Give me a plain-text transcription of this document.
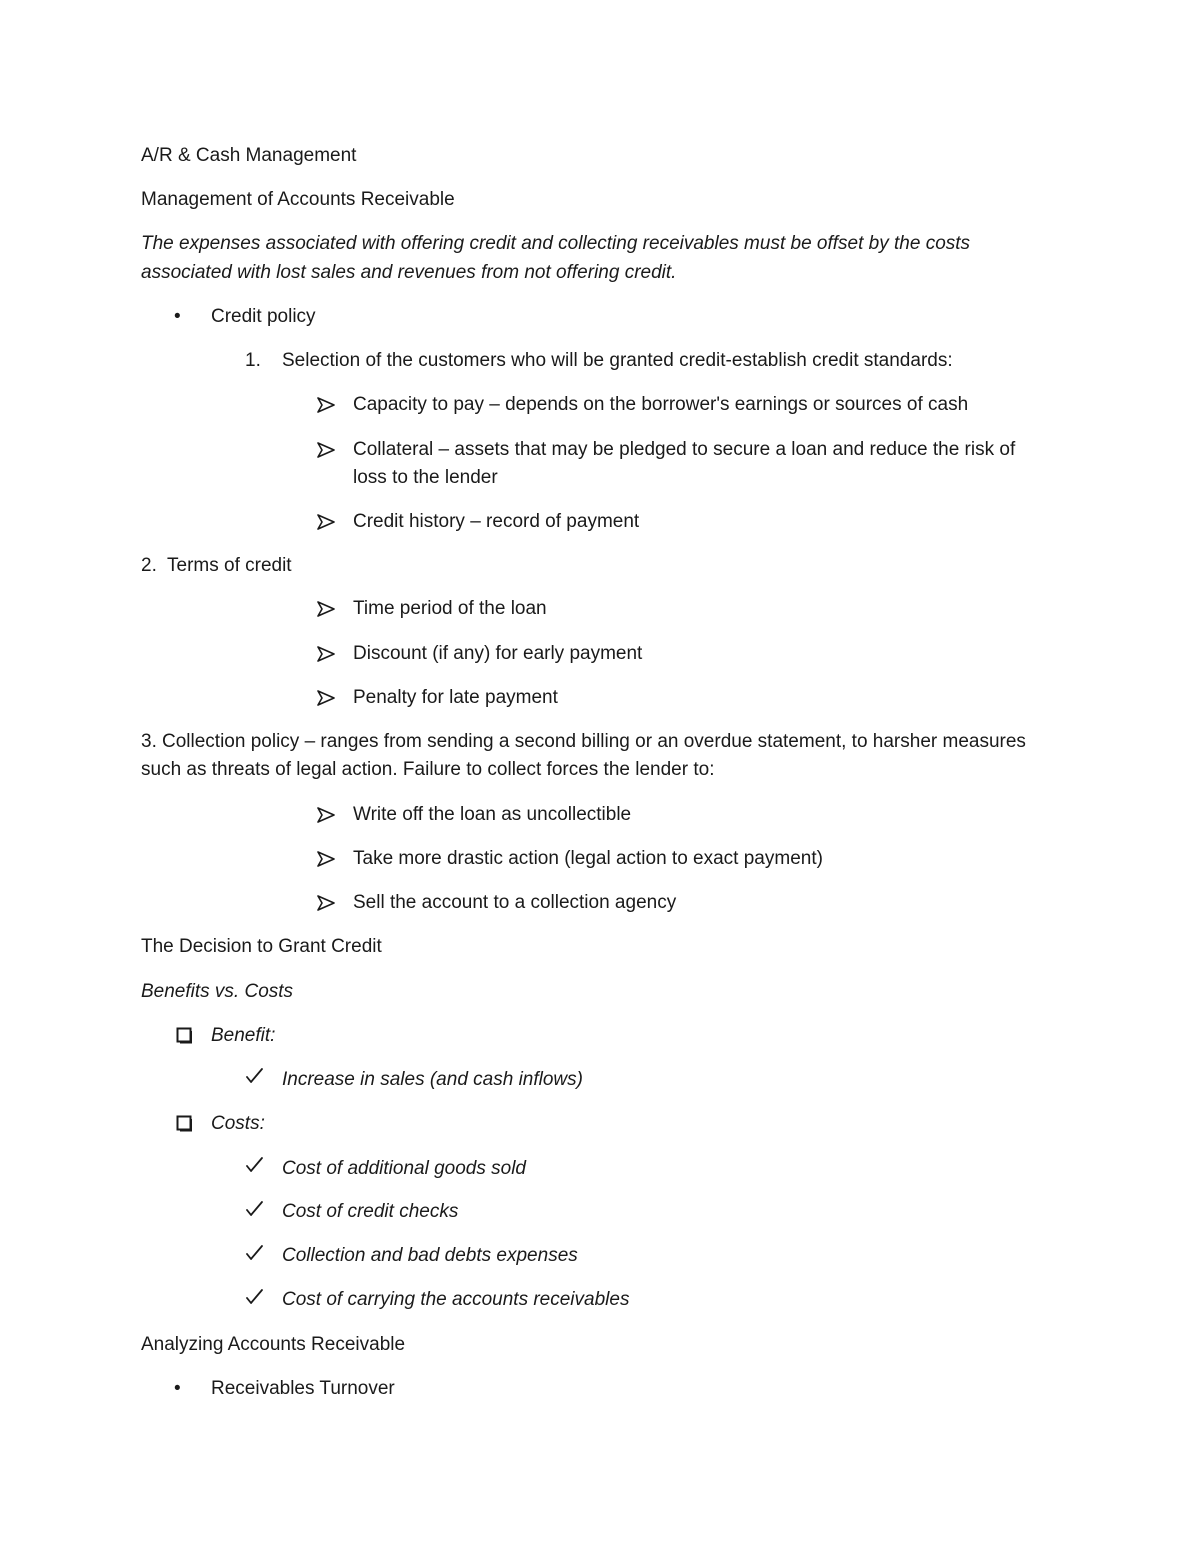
A/R & Cash Management
Management of Accounts Receivable
The expenses associated with offering credit and collecting receivables must be offset by the costs
associated with lost sales and revenues from not offering credit.
• Credit policy
1. Selection of the customers who will be granted credit-establish credit standards:
Capacity to pay – depends on the borrower's earnings or sources of cash
Collateral – assets that may be pledged to secure a loan and reduce the risk of
loss to the lender
Credit history – record of payment
2. Terms of credit
Time period of the loan
Discount (if any) for early payment
Penalty for late payment
3. Collection policy – ranges from sending a second billing or an overdue statement, to harsher measures
such as threats of legal action. Failure to collect forces the lender to:
Write off the loan as uncollectible
Take more drastic action (legal action to exact payment)
Sell the account to a collection agency
The Decision to Grant Credit
Benefits vs. Costs
Benefit:
Increase in sales (and cash inflows)
Costs:
Cost of additional goods sold
Cost of credit checks
Collection and bad debts expenses
Cost of carrying the accounts receivables
Analyzing Accounts Receivable
• Receivables Turnover
